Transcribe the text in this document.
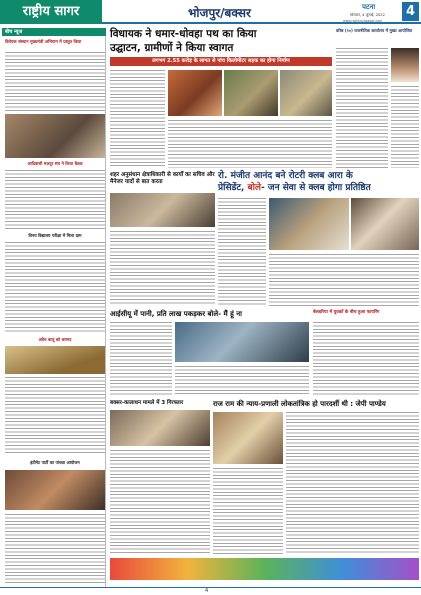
राष्ट्रीय सागर	भोजपुर/बक्सर	पटना
सोमवार, 4 जुलाई, 2022
www.rashtriyasagar.com
4
बीच न्यूज
विधेयक संस्थान मुख्यमंत्री अभियान में प्रस्तुत किया
आदिवासी मज़दूर संघ ने किया बैठक
विनय विद्यालय परीक्षा में मिला ग्राम
अवैध बालू को बरामद
इंटीमेट पार्टी का पांचवा आयोजन
विधायक ने धमार-धोवहा पथ का किया
उद्घाटन, ग्रामीणों ने किया स्वागत
लगभग 2.55 करोड़ के लागत से पांच किलोमीटर सड़क का होगा निर्माण
वरिष्ठ (१०) राजनीतिक कार्यालय में मुख्य आयोजित
शहर अनुसंधान क्षेत्राधिकारी से कार्यों का सचिव और मैनेजर यादों से बात करता
रो. मंजीत आनंद बने रोटरी क्लब आरा के
प्रेसिडेंट, बोले- जन सेवा से क्लब होगा प्रतिष्ठित
आईसीयू में पानी, प्रति लाख पकड़कर बोले- मैं हूं ना	बेलडरिया में युवकों के बीच हुआ फायरिंग
बक्सर-कालाधन मामले में 3 गिरफ्तार	राज राम की न्याय-प्रणाली लोकतांत्रिक हो पारदर्शी थी : जेपी पाण्डेय
4
